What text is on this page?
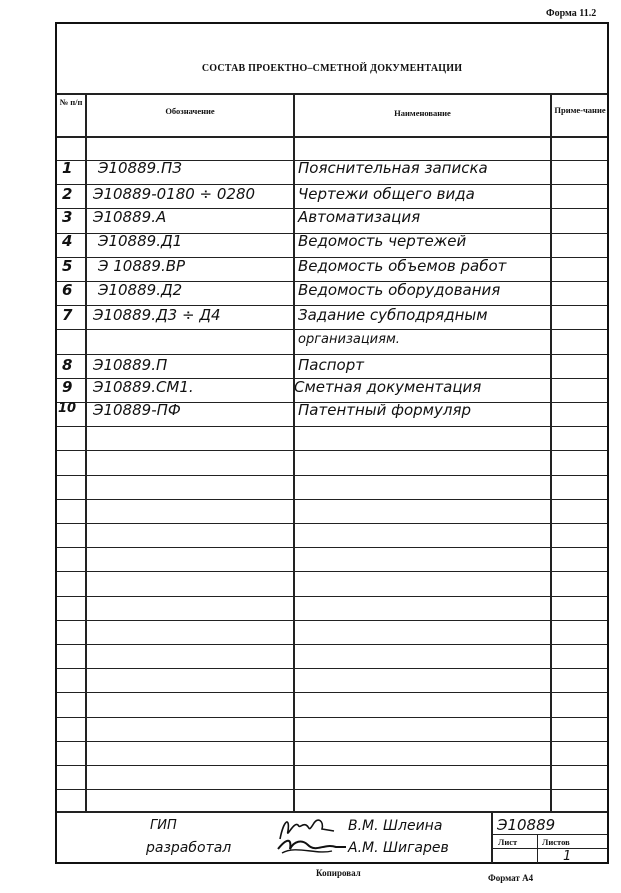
Форма 11.2
СОСТАВ ПРОЕКТНО–СМЕТНОЙ ДОКУМЕНТАЦИИ
№ п/п
Обозначение	Наименование	Приме-чание
1 Э10889.ПЗ	Пояснительная записка
2 Э10889-0180 ÷ 0280	Чертежи общего вида
3 Э10889.А	Автоматизация
4 Э10889.Д1	Ведомость чертежей
5 Э 10889.ВР	Ведомость объемов работ
6 Э10889.Д2	Ведомость оборудования
7 Э10889.Д3 ÷ Д4	Задание субподрядным
организациям.
8 Э10889.П	Паспорт
9 Э10889.СМ1.	Сметная документация
10 Э10889-ПФ	Патентный формуляр
ГИП
разработал
В.М. Шлеина
А.М. Шигарев
Э10889
Лист	Листов
1
Копировал	Формат А4
